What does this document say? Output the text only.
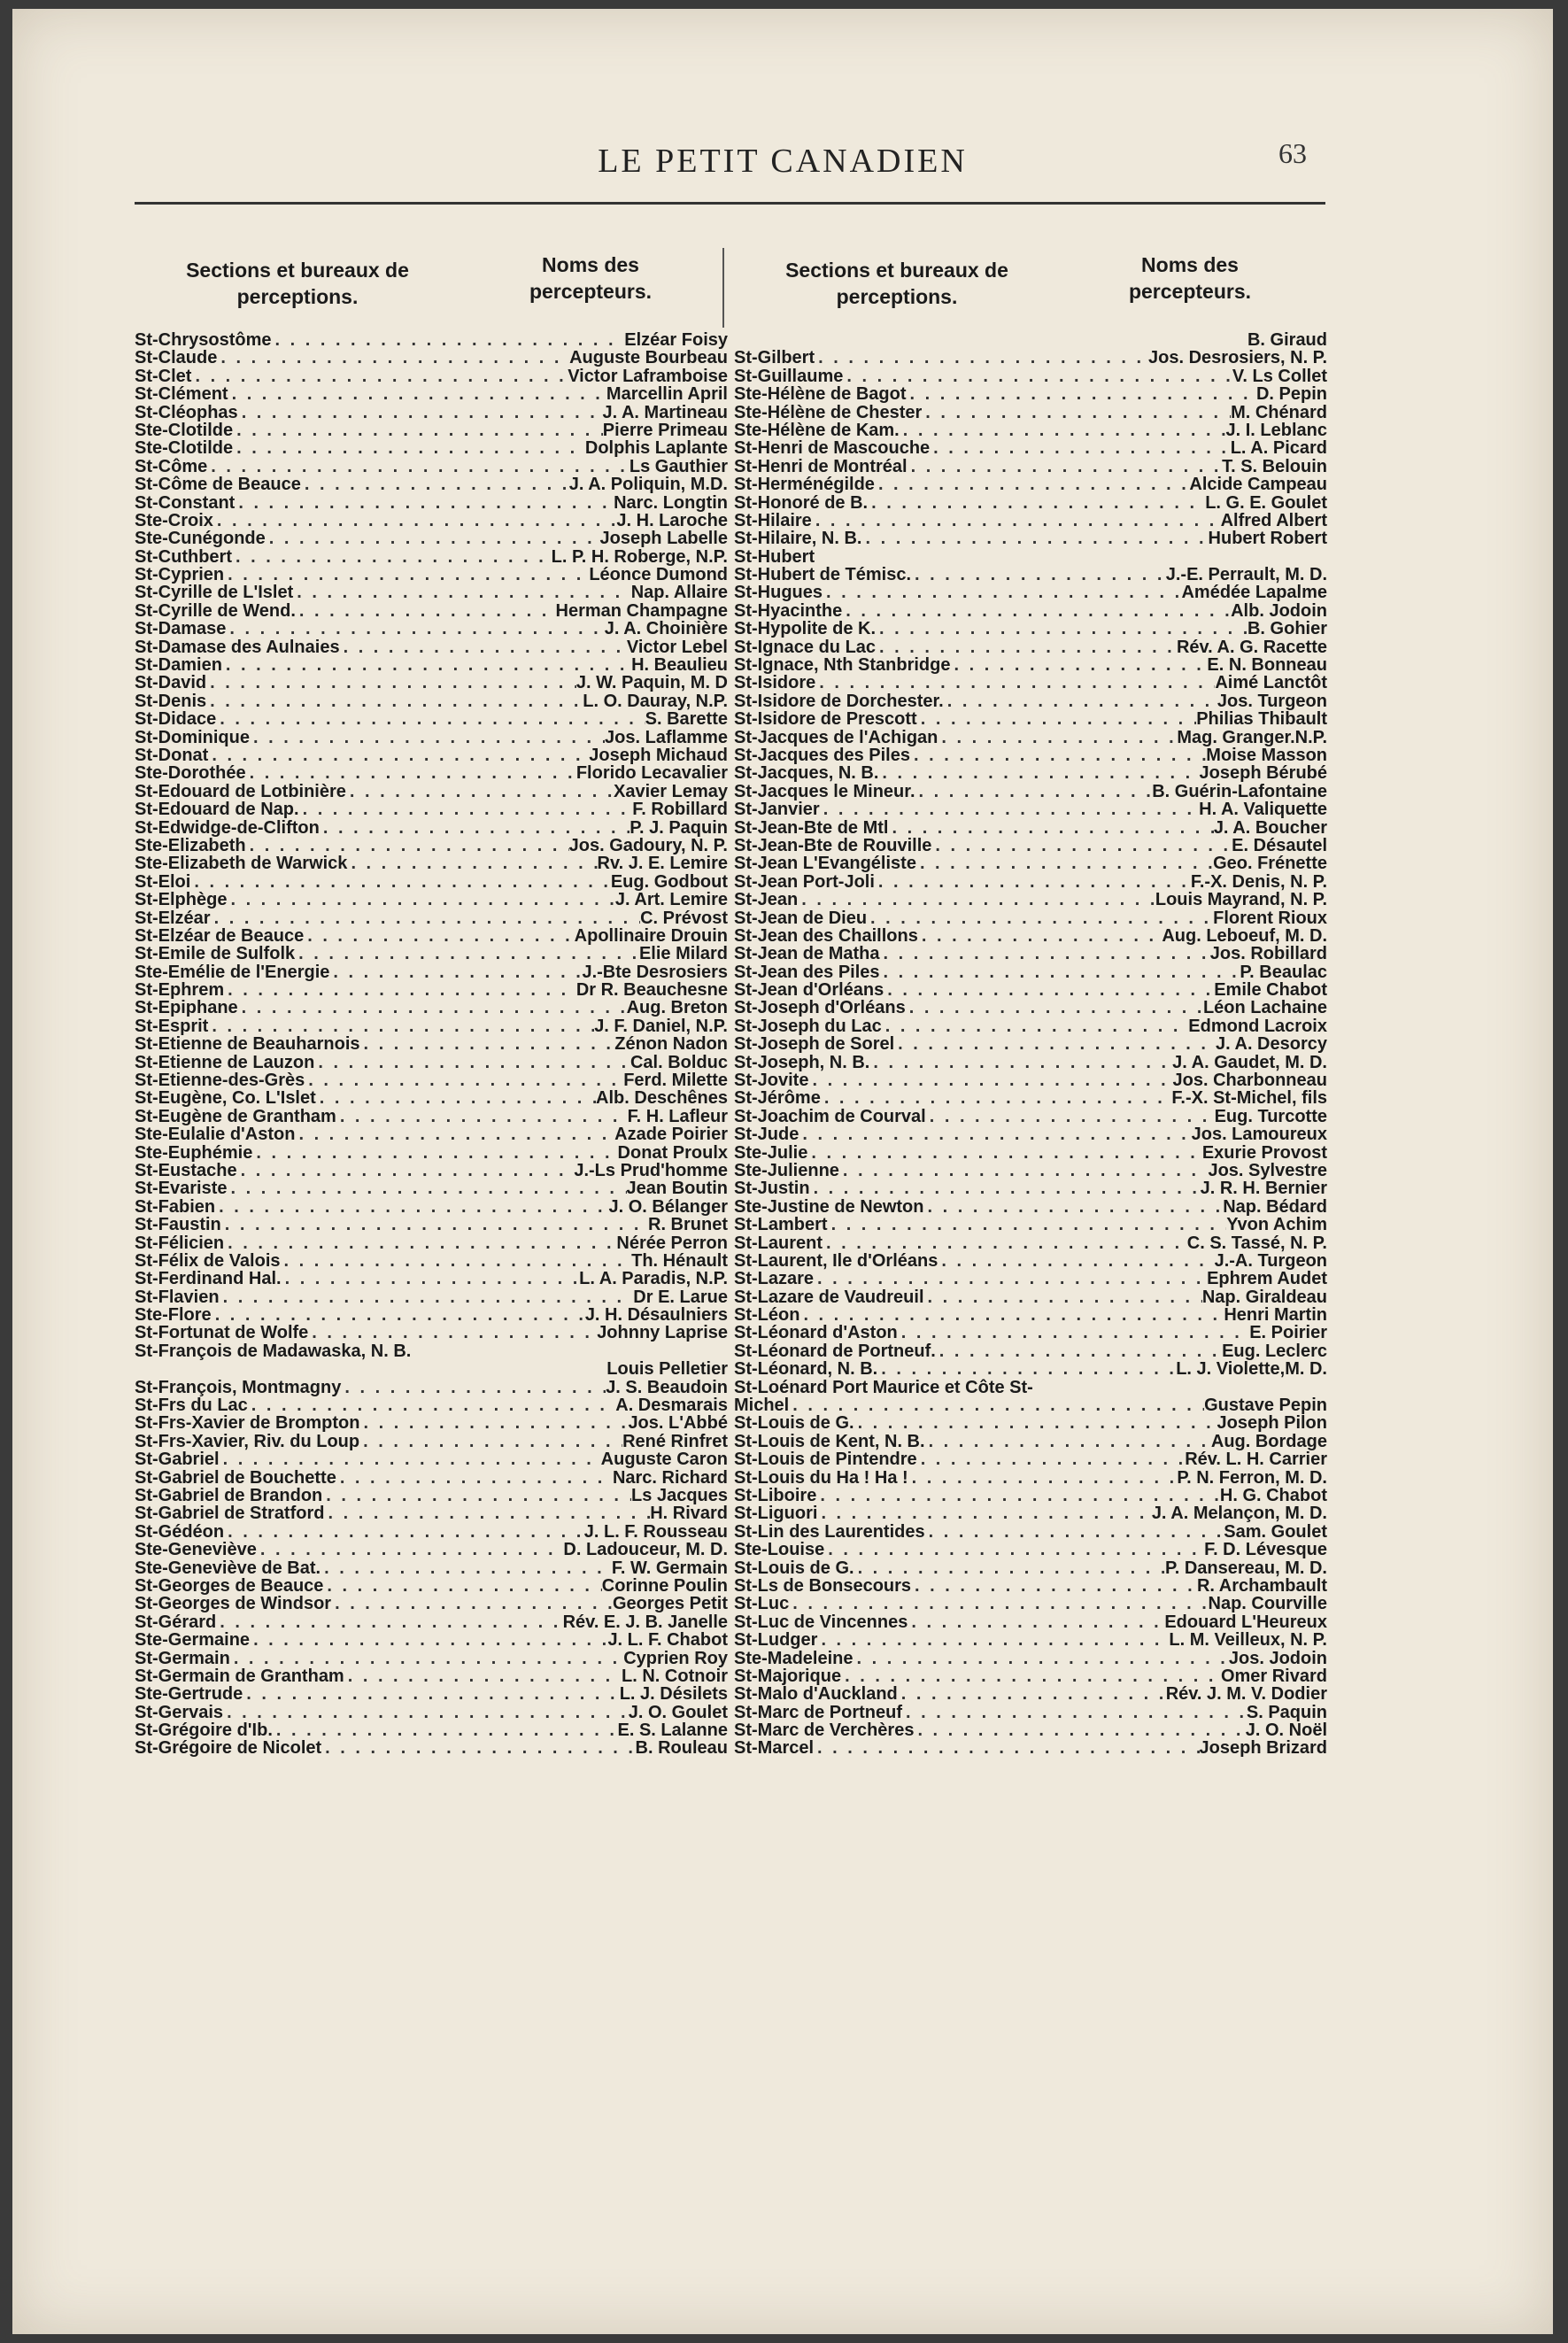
LE PETIT CANADIEN	63
Sections et bureaux de perceptions.
Noms des percepteurs.
St-Chrysostôme . . .	Elzéar Foisy
St-Claude . . .	Auguste Bourbeau
St-Clet . . .	Victor Laframboise
St-Clément . . .	Marcellin April
St-Cléophas . . .	J. A. Martineau
Ste-Clotilde . . .	Pierre Primeau
Ste-Clotilde . . .	Dolphis Laplante
St-Côme . . .	Ls Gauthier
St-Côme de Beauce . . .	J. A. Poliquin, M.D.
St-Constant . . .	Narc. Longtin
Ste-Croix . . .	J. H. Laroche
Ste-Cunégonde . . .	Joseph Labelle
St-Cuthbert . . .	L. P. H. Roberge, N.P.
St-Cyprien . . .	Léonce Dumond
St-Cyrille de L'Islet . . .	Nap. Allaire
St-Cyrille de Wend. . . .	Herman Champagne
St-Damase . . .	J. A. Choinière
St-Damase des Aulnaies . . .	Victor Lebel
St-Damien . . .	H. Beaulieu
St-David . . .	J. W. Paquin, M. D
St-Denis . . .	L. O. Dauray, N.P.
St-Didace . . .	S. Barette
St-Dominique . . .	Jos. Laflamme
St-Donat . . .	Joseph Michaud
Ste-Dorothée . . .	Florido Lecavalier
St-Edouard de Lotbinière . . .	Xavier Lemay
St-Edouard de Nap. . . .	F. Robillard
St-Edwidge-de-Clifton . . .	P. J. Paquin
Ste-Elizabeth . . .	Jos. Gadoury, N. P.
Ste-Elizabeth de Warwick . . .	Rv. J. E. Lemire
St-Eloi . . .	Eug. Godbout
St-Elphège . . .	J. Art. Lemire
St-Elzéar . . .	C. Prévost
St-Elzéar de Beauce . . .	Apollinaire Drouin
St-Emile de Sulfolk . . .	Elie Milard
Ste-Emélie de l'Energie . . .	J.-Bte Desrosiers
St-Ephrem . . .	Dr R. Beauchesne
St-Epiphane . . .	Aug. Breton
St-Esprit . . .	J. F. Daniel, N.P.
St-Etienne de Beauharnois . . .	Zénon Nadon
St-Etienne de Lauzon . . .	Cal. Bolduc
St-Etienne-des-Grès . . .	Ferd. Milette
St-Eugène, Co. L'Islet . . .	Alb. Deschênes
St-Eugène de Grantham . . .	F. H. Lafleur
Ste-Eulalie d'Aston . . .	Azade Poirier
Ste-Euphémie . . .	Donat Proulx
St-Eustache . . .	J.-Ls Prud'homme
St-Evariste . . .	Jean Boutin
St-Fabien . . .	J. O. Bélanger
St-Faustin . . .	R. Brunet
St-Félicien . . .	Nérée Perron
St-Félix de Valois . . .	Th. Hénault
St-Ferdinand Hal. . . .	L. A. Paradis, N.P.
St-Flavien . . .	Dr E. Larue
Ste-Flore . . .	J. H. Désaulniers
St-Fortunat de Wolfe . . .	Johnny Laprise
St-François de Madawaska, N. B.
Louis Pelletier
St-François, Montmagny . . .	J. S. Beaudoin
St-Frs du Lac . . .	A. Desmarais
St-Frs-Xavier de Brompton . . .	Jos. L'Abbé
St-Frs-Xavier, Riv. du Loup . . .	René Rinfret
St-Gabriel . . .	Auguste Caron
St-Gabriel de Bouchette . . .	Narc. Richard
St-Gabriel de Brandon . . .	Ls Jacques
St-Gabriel de Stratford . . .	H. Rivard
St-Gédéon . . .	J. L. F. Rousseau
Ste-Geneviève . . .	D. Ladouceur, M. D.
Ste-Geneviève de Bat. . . .	F. W. Germain
St-Georges de Beauce . . .	Corinne Poulin
St-Georges de Windsor . . .	Georges Petit
St-Gérard . . .	Rév. E. J. B. Janelle
Ste-Germaine . . .	J. L. F. Chabot
St-Germain . . .	Cyprien Roy
St-Germain de Grantham . . .	L. N. Cotnoir
Ste-Gertrude . . .	L. J. Désilets
St-Gervais . . .	J. O. Goulet
St-Grégoire d'Ib. . . .	E. S. Lalanne
St-Grégoire de Nicolet . . .	B. Rouleau
Sections et bureaux de perceptions.
Noms des percepteurs.
B. Giraud
St-Gilbert . . .	Jos. Desrosiers, N. P.
St-Guillaume . . .	V. Ls Collet
Ste-Hélène de Bagot . . .	D. Pepin
Ste-Hélène de Chester . . .	M. Chénard
Ste-Hélène de Kam. . . .	J. I. Leblanc
St-Henri de Mascouche . . .	L. A. Picard
St-Henri de Montréal . . .	T. S. Belouin
St-Herménégilde . . .	Alcide Campeau
St-Honoré de B. . . .	L. G. E. Goulet
St-Hilaire . . .	Alfred Albert
St-Hilaire, N. B. . . .	Hubert Robert
St-Hubert
St-Hubert de Témisc. . . .	J.-E. Perrault, M. D.
St-Hugues . . .	Amédée Lapalme
St-Hyacinthe . . .	Alb. Jodoin
St-Hypolite de K. . . .	B. Gohier
St-Ignace du Lac . . .	Rév. A. G. Racette
St-Ignace, Nth Stanbridge . . .	E. N. Bonneau
St-Isidore . . .	Aimé Lanctôt
St-Isidore de Dorchester. . . .	Jos. Turgeon
St-Isidore de Prescott . . .	Philias Thibault
St-Jacques de l'Achigan . . .	Mag. Granger.N.P.
St-Jacques des Piles . . .	Moise Masson
St-Jacques, N. B. . . .	Joseph Bérubé
St-Jacques le Mineur. . . .	B. Guérin-Lafontaine
St-Janvier . . .	H. A. Valiquette
St-Jean-Bte de Mtl . . .	J. A. Boucher
St-Jean-Bte de Rouville . . .	E. Désautel
St-Jean L'Evangéliste . . .	Geo. Frénette
St-Jean Port-Joli . . .	F.-X. Denis, N. P.
St-Jean . . .	Louis Mayrand, N. P.
St-Jean de Dieu . . .	Florent Rioux
St-Jean des Chaillons . . .	Aug. Leboeuf, M. D.
St-Jean de Matha . . .	Jos. Robillard
St-Jean des Piles . . .	P. Beaulac
St-Jean d'Orléans . . .	Emile Chabot
St-Joseph d'Orléans . . .	Léon Lachaine
St-Joseph du Lac . . .	Edmond Lacroix
St-Joseph de Sorel . . .	J. A. Desorcy
St-Joseph, N. B. . . .	J. A. Gaudet, M. D.
St-Jovite . . .	Jos. Charbonneau
St-Jérôme . . .	F.-X. St-Michel, fils
St-Joachim de Courval . . .	Eug. Turcotte
St-Jude . . .	Jos. Lamoureux
Ste-Julie . . .	Exurie Provost
Ste-Julienne . . .	Jos. Sylvestre
St-Justin . . .	J. R. H. Bernier
Ste-Justine de Newton . . .	Nap. Bédard
St-Lambert . . .	Yvon Achim
St-Laurent . . .	C. S. Tassé, N. P.
St-Laurent, Ile d'Orléans . . .	J.-A. Turgeon
St-Lazare . . .	Ephrem Audet
St-Lazare de Vaudreuil . . .	Nap. Giraldeau
St-Léon . . .	Henri Martin
St-Léonard d'Aston . . .	E. Poirier
St-Léonard de Portneuf. . . .	Eug. Leclerc
St-Léonard, N. B. . . .	L. J. Violette,M. D.
St-Loénard Port Maurice et Côte St-
Michel . . .	Gustave Pepin
St-Louis de G. . . .	Joseph Pilon
St-Louis de Kent, N. B. . . .	Aug. Bordage
St-Louis de Pintendre . . .	Rév. L. H. Carrier
St-Louis du Ha ! Ha ! . . .	P. N. Ferron, M. D.
St-Liboire . . .	H. G. Chabot
St-Liguori . . .	J. A. Melançon, M. D.
St-Lin des Laurentides . . .	Sam. Goulet
Ste-Louise . . .	F. D. Lévesque
St-Louis de G. . . .	P. Dansereau, M. D.
St-Ls de Bonsecours . . .	R. Archambault
St-Luc . . .	Nap. Courville
St-Luc de Vincennes . . .	Edouard L'Heureux
St-Ludger . . .	L. M. Veilleux, N. P.
Ste-Madeleine . . .	Jos. Jodoin
St-Majorique . . .	Omer Rivard
St-Malo d'Auckland . . .	Rév. J. M. V. Dodier
St-Marc de Portneuf . . .	S. Paquin
St-Marc de Verchères . . .	J. O. Noël
St-Marcel . . .	Joseph Brizard
